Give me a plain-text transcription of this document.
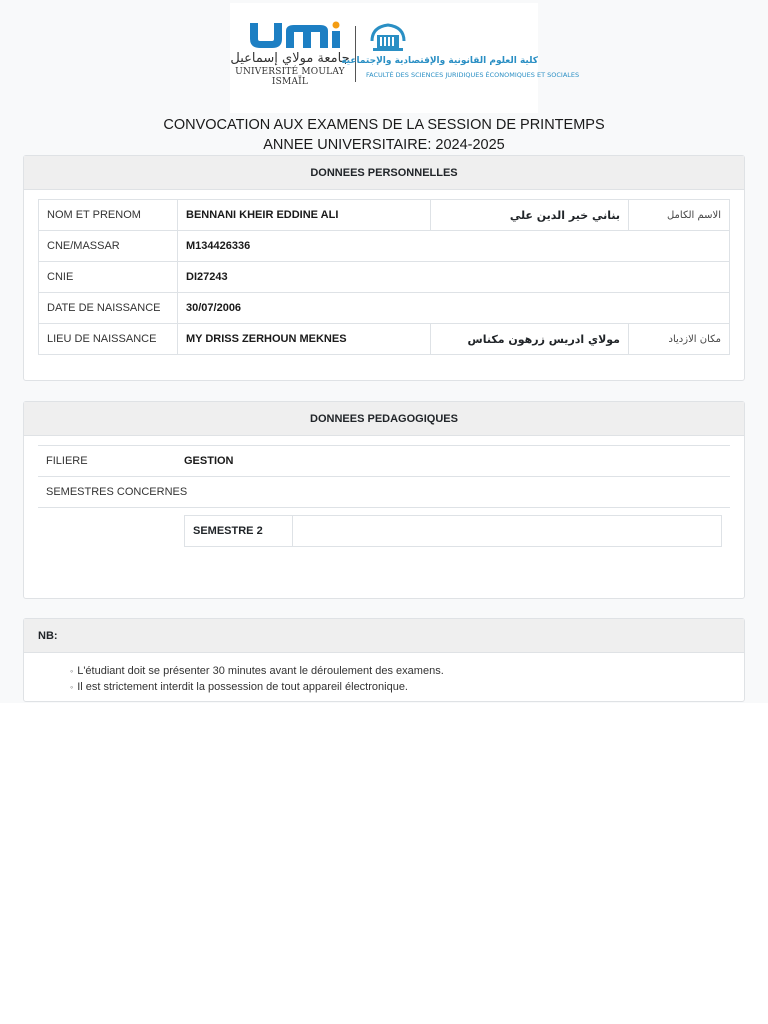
جامعة مولاي إسماعيل
UNIVERSITÉ MOULAY ISMAÏL
كلية العلوم القانونية والإقتصادية والإجتماعية
FACULTÉ DES SCIENCES JURIDIQUES ÉCONOMIQUES ET SOCIALES
CONVOCATION AUX EXAMENS DE LA SESSION DE PRINTEMPS
ANNEE UNIVERSITAIRE: 2024-2025
DONNEES PERSONNELLES
NOM ET PRENOM	BENNANI KHEIR EDDINE ALI	بناني خير الدين علي	الاسم الكامل
CNE/MASSAR	M134426336		
CNIE	DI27243		
DATE DE NAISSANCE	30/07/2006		
LIEU DE NAISSANCE	MY DRISS ZERHOUN MEKNES	مولاي ادريس زرهون مكناس	مكان الازدياد
DONNEES PEDAGOGIQUES
FILIERE	GESTION
SEMESTRES CONCERNES
SEMESTRE 2	
NB:
◦ L'étudiant doit se présenter 30 minutes avant le déroulement des examens.
◦ Il est strictement interdit la possession de tout appareil électronique.
